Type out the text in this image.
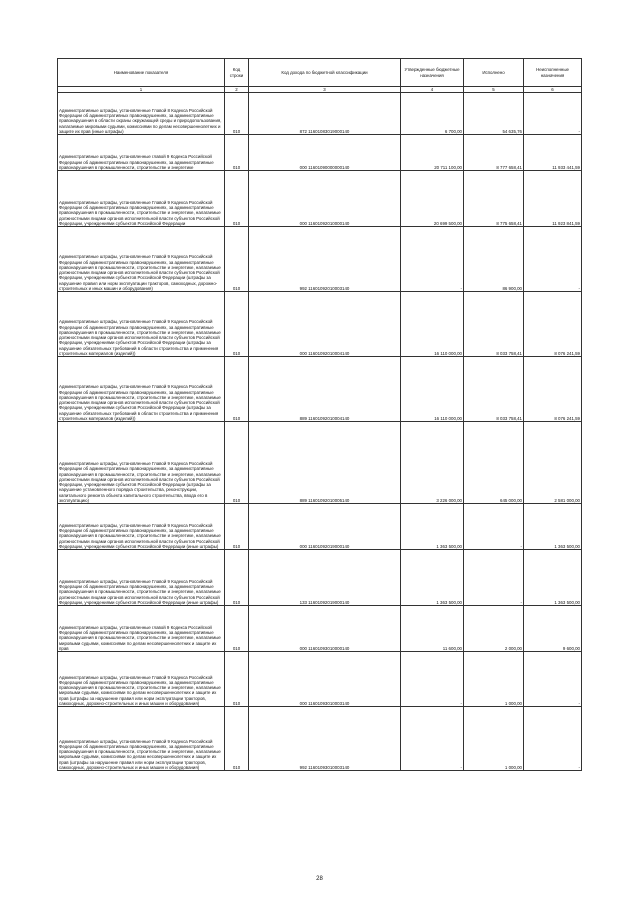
Наименование показателя	Код строки	Код дохода по бюджетной классификации	Утвержденные бюджетные назначения	Исполнено	Неисполненные назначения
1	2	3	4	5	6
Административные штрафы, установленные Главой 8 Кодекса Российской Федерации об административных правонарушениях, за административные правонарушения в области охраны окружающей среды и природопользования, налагаемые мировыми судьями, комиссиями по делам несовершеннолетних и защите их прав (иные штрафы)	010	872 11601083019000140	6 700,00	54 635,76	-
Административные штрафы, установленные главой 9 Кодекса Российской Федерации об административных правонарушениях, за административные правонарушения в промышленности, строительстве и энергетике	010	000 11601090000000140	20 711 100,00	8 777 658,41	11 933 441,59
Административные штрафы, установленные Главой 9 Кодекса Российской Федерации об административных правонарушениях, за административные правонарушения в промышленности, строительстве и энергетике, налагаемые должностными лицами органов исполнительной власти субъектов Российской Федерации, учреждениями субъектов Российской Федерации	010	000 11601092010000140	20 699 500,00	8 775 658,41	11 923 841,59
Административные штрафы, установленные Главой 9 Кодекса Российской Федерации об административных правонарушениях, за административные правонарушения в промышленности, строительстве и энергетике, налагаемые должностными лицами органов исполнительной власти субъектов Российской Федерации, учреждениями субъектов Российской Федерации (штрафы за нарушение правил или норм эксплуатации тракторов, самоходных, дорожно-строительных и иных машин и оборудования)	010	992 11601092010003140	-	86 900,00	-
Административные штрафы, установленные Главой 9 Кодекса Российской Федерации об административных правонарушениях, за административные правонарушения в промышленности, строительстве и энергетике, налагаемые должностными лицами органов исполнительной власти субъектов Российской Федерации, учреждениями субъектов Российской Федерации (штрафы за нарушение обязательных требований в области строительства и применения строительных материалов (изделий))	010	000 11601092010004140	16 110 000,00	8 033 758,41	8 076 241,59
Административные штрафы, установленные Главой 9 Кодекса Российской Федерации об административных правонарушениях, за административные правонарушения в промышленности, строительстве и энергетике, налагаемые должностными лицами органов исполнительной власти субъектов Российской Федерации, учреждениями субъектов Российской Федерации (штрафы за нарушение обязательных требований в области строительства и применения строительных материалов (изделий))	010	889 11601092010004140	16 110 000,00	8 033 758,41	8 076 241,59
Административные штрафы, установленные Главой 9 Кодекса Российской Федерации об административных правонарушениях, за административные правонарушения в промышленности, строительстве и энергетике, налагаемые должностными лицами органов исполнительной власти субъектов Российской Федерации, учреждениями субъектов Российской Федерации (штрафы за нарушение установленного порядка строительства, реконструкции, капитального ремонта объекта капитального строительства, ввода его в эксплуатацию)	010	889 11601092010005140	3 226 000,00	645 000,00	2 581 000,00
Административные штрафы, установленные Главой 9 Кодекса Российской Федерации об административных правонарушениях, за административные правонарушения в промышленности, строительстве и энергетике, налагаемые должностными лицами органов исполнительной власти субъектов Российской Федерации, учреждениями субъектов Российской Федерации (иные штрафы)	010	000 11601092019000140	1 363 500,00	-	1 363 500,00
Административные штрафы, установленные Главой 9 Кодекса Российской Федерации об административных правонарушениях, за административные правонарушения в промышленности, строительстве и энергетике, налагаемые должностными лицами органов исполнительной власти субъектов Российской Федерации, учреждениями субъектов Российской Федерации (иные штрафы)	010	133 11601092019000140	1 363 500,00	-	1 363 500,00
Административные штрафы, установленные главой 9 Кодекса Российской Федерации об административных правонарушениях, за административные правонарушения в промышленности, строительстве и энергетике, налагаемые мировыми судьями, комиссиями по делам несовершеннолетних и защите их прав	010	000 11601093010000140	11 600,00	2 000,00	9 600,00
Административные штрафы, установленные Главой 9 Кодекса Российской Федерации об административных правонарушениях, за административные правонарушения в промышленности, строительстве и энергетике, налагаемые мировыми судьями, комиссиями по делам несовершеннолетних и защите их прав (штрафы за нарушение правил или норм эксплуатации тракторов, самоходных, дорожно-строительных и иных машин и оборудования)	010	000 11601093010003140	-	1 000,00	-
Административные штрафы, установленные Главой 9 Кодекса Российской Федерации об административных правонарушениях, за административные правонарушения в промышленности, строительстве и энергетике, налагаемые мировыми судьями, комиссиями по делам несовершеннолетних и защите их прав (штрафы за нарушение правил или норм эксплуатации тракторов, самоходных, дорожно-строительных и иных машин и оборудования)	010	992 11601093010003140	-	1 000,00	-
28
